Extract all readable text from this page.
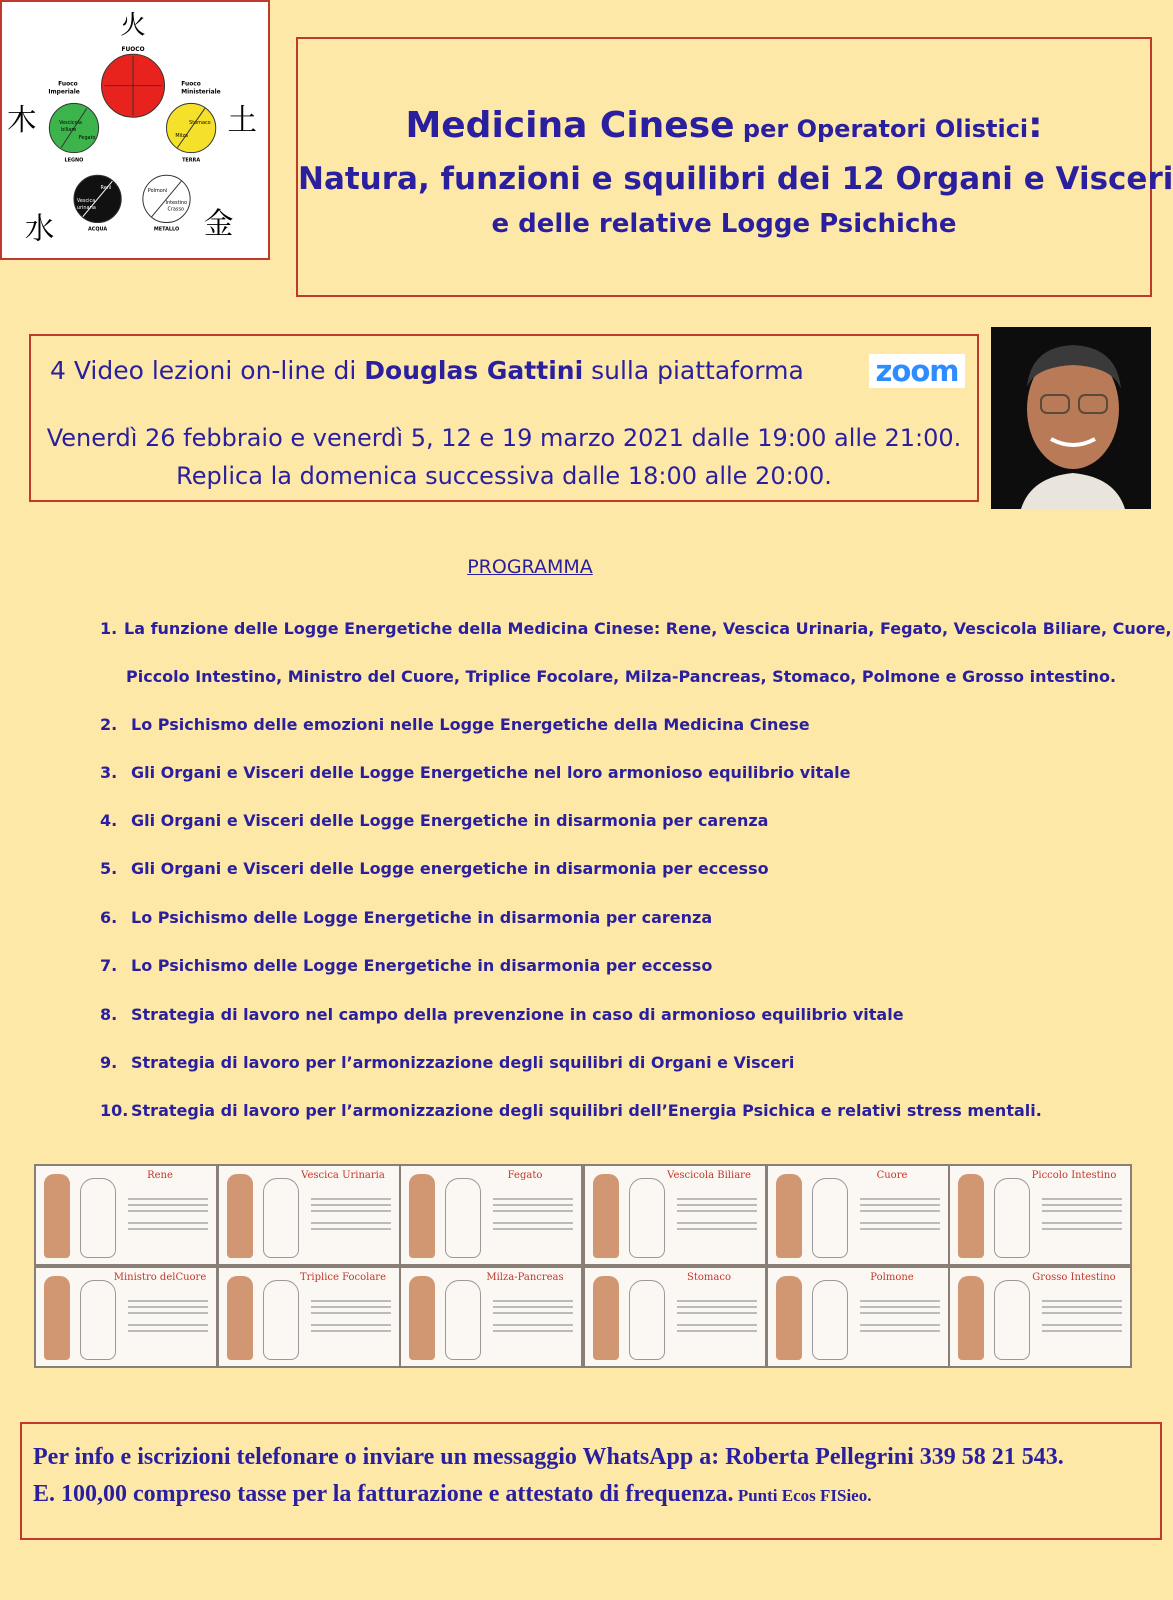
火
木	土
水	金
FUOCO
Fuoco
Imperiale
Fuoco
Ministeriale
Vescicola
biliare
Fegato
LEGNO
Stomaco
Milza
TERRA
Reni
Vescica
urinaria
ACQUA
Polmoni
Intestino
Crasso
METALLO
Medicina Cinese per Operatori Olistici:
Natura, funzioni e squilibri dei 12 Organi e Visceri
e delle relative Logge Psichiche
4 Video lezioni on-line di Douglas Gattini sulla piattaforma zoom
Venerdì 26 febbraio e venerdì 5, 12 e 19 marzo 2021 dalle 19:00 alle 21:00.
Replica la domenica successiva dalle 18:00 alle 20:00.
PROGRAMMA
1. La funzione delle Logge Energetiche della Medicina Cinese: Rene, Vescica Urinaria, Fegato, Vescicola Biliare, Cuore,
Piccolo Intestino, Ministro del Cuore, Triplice Focolare, Milza-Pancreas, Stomaco, Polmone e Grosso intestino.
2. Lo Psichismo delle emozioni nelle Logge Energetiche della Medicina Cinese
3. Gli Organi e Visceri delle Logge Energetiche nel loro armonioso equilibrio vitale
4. Gli Organi e Visceri delle Logge Energetiche in disarmonia per carenza
5. Gli Organi e Visceri delle Logge energetiche in disarmonia per eccesso
6. Lo Psichismo delle Logge Energetiche in disarmonia per carenza
7. Lo Psichismo delle Logge Energetiche in disarmonia per eccesso
8. Strategia di lavoro nel campo della prevenzione in caso di armonioso equilibrio vitale
9. Strategia di lavoro per l’armonizzazione degli squilibri di Organi e Visceri
10. Strategia di lavoro per l’armonizzazione degli squilibri dell’Energia Psichica e relativi stress mentali.
Rene	Vescica Urinaria	Fegato	Vescicola Biliare	Cuore	Piccolo Intestino
Ministro delCuore	Triplice Focolare	Milza-Pancreas	Stomaco	Polmone	Grosso Intestino
Per info e iscrizioni telefonare o inviare un messaggio WhatsApp a: Roberta Pellegrini 339 58 21 543.
E. 100,00 compreso tasse per la fatturazione e attestato di frequenza. Punti Ecos FISieo.
